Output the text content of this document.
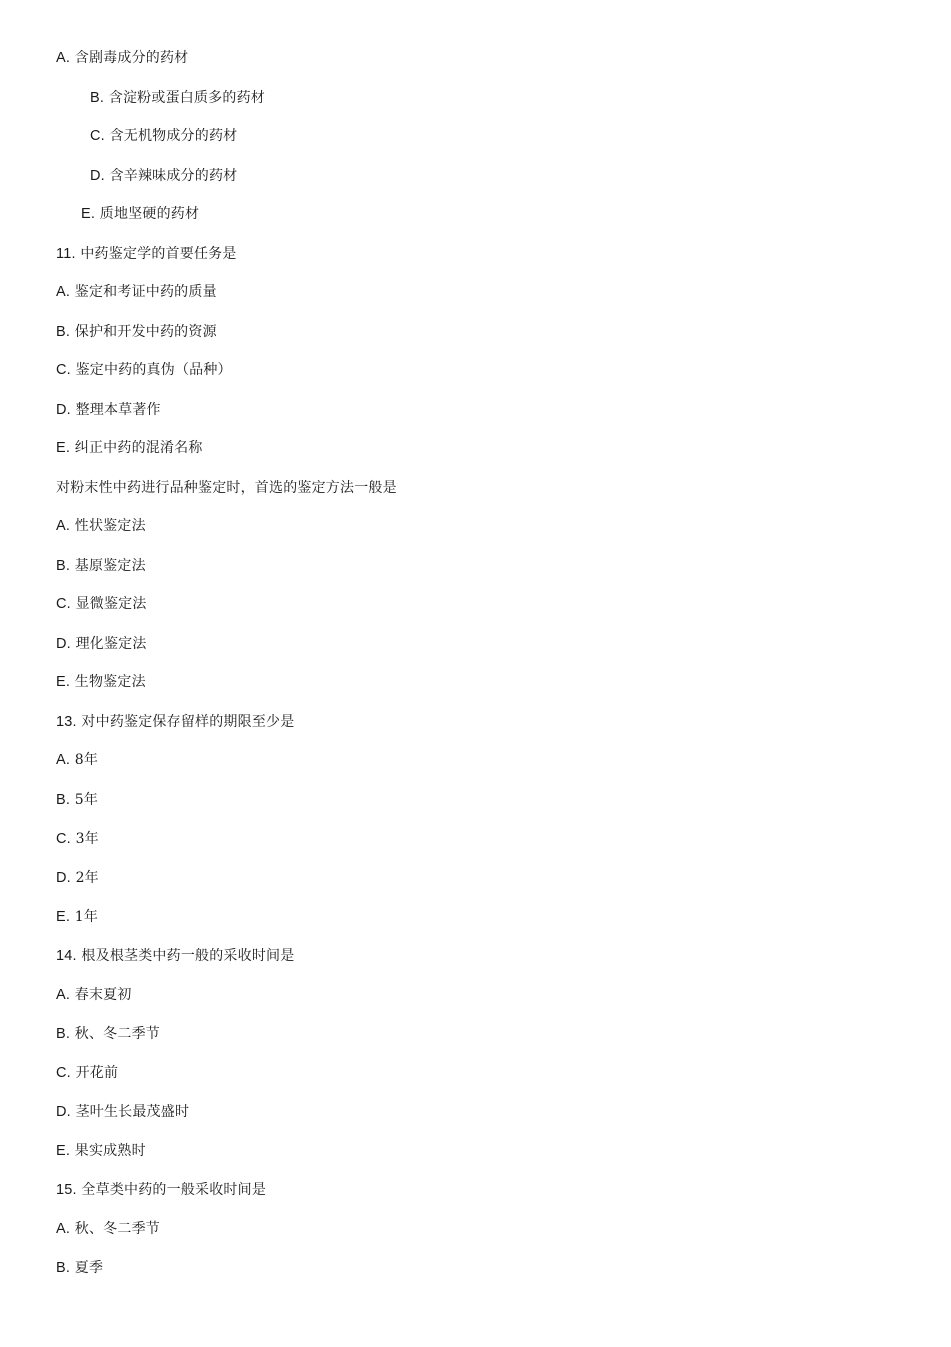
A. 含剧毒成分的药材
B. 含淀粉或蛋白质多的药材
C. 含无机物成分的药材
D. 含辛辣味成分的药材
E. 质地坚硬的药材
11. 中药鉴定学的首要任务是
A. 鉴定和考证中药的质量
B. 保护和开发中药的资源
C. 鉴定中药的真伪（品种）
D. 整理本草著作
E. 纠正中药的混淆名称
对粉末性中药进行品种鉴定时，首选的鉴定方法一般是
A. 性状鉴定法
B. 基原鉴定法
C. 显微鉴定法
D. 理化鉴定法
E. 生物鉴定法
13. 对中药鉴定保存留样的期限至少是
A. 8年
B. 5年
C. 3年
D. 2年
E. 1年
14. 根及根茎类中药一般的采收时间是
A. 春末夏初
B. 秋、冬二季节
C. 开花前
D. 茎叶生长最茂盛时
E. 果实成熟时
15. 全草类中药的一般采收时间是
A. 秋、冬二季节
B. 夏季
